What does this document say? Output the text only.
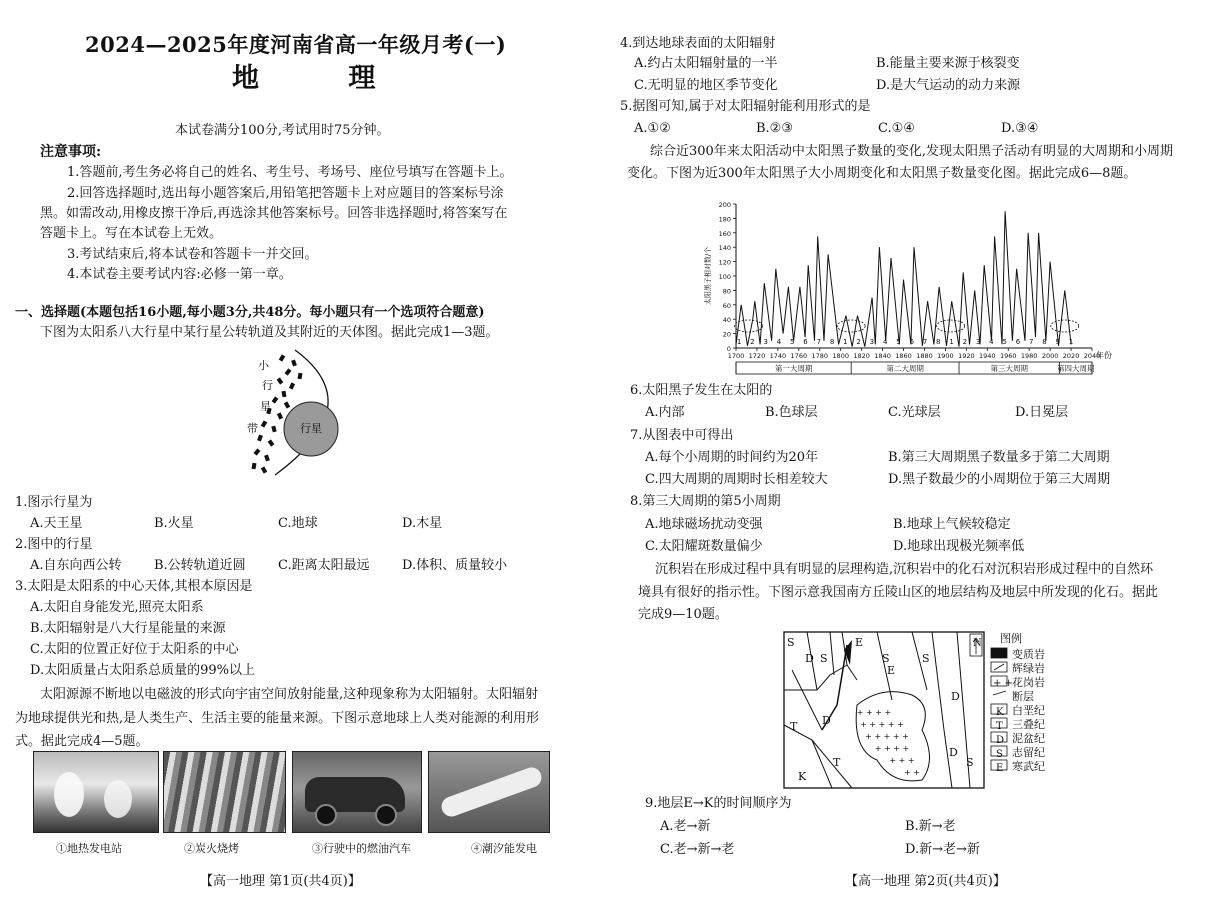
2024—2025年度河南省高一年级月考(一)
地 理
本试卷满分100分,考试用时75分钟。
注意事项:
1.答题前,考生务必将自己的姓名、考生号、考场号、座位号填写在答题卡上。
2.回答选择题时,选出每小题答案后,用铅笔把答题卡上对应题目的答案标号涂
黑。如需改动,用橡皮擦干净后,再选涂其他答案标号。回答非选择题时,将答案写在
答题卡上。写在本试卷上无效。
3.考试结束后,将本试卷和答题卡一并交回。
4.本试卷主要考试内容:必修一第一章。
一、选择题(本题包括16小题,每小题3分,共48分。每小题只有一个选项符合题意)
下图为太阳系八大行星中某行星公转轨道及其附近的天体图。据此完成1—3题。
小
行
星
带	行星
1.图示行星为
A.天王星	B.火星	C.地球	D.木星
2.图中的行星
A.自东向西公转 B.公转轨道近圆 C.距离太阳最远 D.体积、质量较小
3.太阳是太阳系的中心天体,其根本原因是
A.太阳自身能发光,照亮太阳系
B.太阳辐射是八大行星能量的来源
C.太阳的位置正好位于太阳系的中心
D.太阳质量占太阳系总质量的99%以上
太阳源源不断地以电磁波的形式向宇宙空间放射能量,这种现象称为太阳辐射。太阳辐射
为地球提供光和热,是人类生产、生活主要的能量来源。下图示意地球上人类对能源的利用形
式。据此完成4—5题。
①地热发电站	②炭火烧烤	③行驶中的燃油汽车	④潮汐能发电
【高一地理 第1页(共4页)】
4.到达地球表面的太阳辐射
A.约占太阳辐射量的一半	B.能量主要来源于核裂变
C.无明显的地区季节变化	D.是大气运动的动力来源
5.据图可知,属于对太阳辐射能利用形式的是
A.①②	B.②③	C.①④	D.③④
综合近300年来太阳活动中太阳黑子数量的变化,发现太阳黑子活动有明显的大周期和小周期
变化。下图为近300年太阳黑子大小周期变化和太阳黑子数量变化图。据此完成6—8题。
0
20
40
60
80
100
120
140
160
180
200
1700 1720 1740 1760 1780 1800 1820 1840 1860 1880 1900 1920 1940 1960 1980 2000 2020 2040
年份
太阳黑子相对数/个
1 2 3 4 5 6 7 8 1 2 3 4 5 6 7 8 1 2 3 4 5 6 7 8 9 1
第一大周期	第二大周期	第三大周期	第四大周期
6.太阳黑子发生在太阳的
A.内部	B.色球层	C.光球层	D.日冕层
7.从图表中可得出
A.每个小周期的时间约为20年	B.第三大周期黑子数量多于第二大周期
C.四大周期的周期时长相差较大	D.黑子数最少的小周期位于第三大周期
8.第三大周期的第5小周期
A.地球磁场扰动变强	B.地球上气候较稳定
C.太阳耀斑数量偏少	D.地球出现极光频率低
沉积岩在形成过程中具有明显的层理构造,沉积岩中的化石对沉积岩形成过程中的自然环
境具有很好的指示性。下图示意我国南方丘陵山区的地层结构及地层中所发现的化石。据此
完成9—10题。
+ + + +
+ + + + +
+ + + + +
+ + + +
+ + +
+ +
S
D S
E
S
E
S
D
T D
T
K
D
S
N 图例
+ +
K
T
D
S
E
变质岩
辉绿岩
花岗岩
断层
白垩纪
三叠纪
泥盆纪
志留纪
寒武纪
9.地层E→K的时间顺序为
A.老→新	B.新→老
C.老→新→老	D.新→老→新
【高一地理 第2页(共4页)】
